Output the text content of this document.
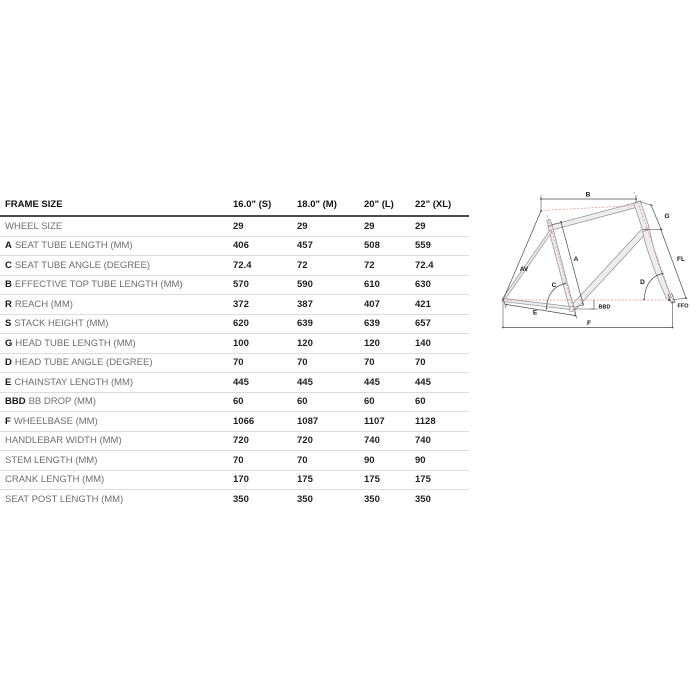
FRAME SIZE	16.0" (S)	18.0" (M)	20" (L)	22" (XL)
WHEEL SIZE	29	29	29	29
A SEAT TUBE LENGTH (MM)	406	457	508	559
C SEAT TUBE ANGLE (DEGREE)	72.4	72	72	72.4
B EFFECTIVE TOP TUBE LENGTH (MM)	570	590	610	630
R REACH (MM)	372	387	407	421
S STACK HEIGHT (MM)	620	639	639	657
G HEAD TUBE LENGTH (MM)	100	120	120	140
D HEAD TUBE ANGLE (DEGREE)	70	70	70	70
E CHAINSTAY LENGTH (MM)	445	445	445	445
BBD BB DROP (MM)	60	60	60	60
F WHEELBASE (MM)	1066	1087	1107	1128
HANDLEBAR WIDTH (MM)	720	720	740	740
STEM LENGTH (MM)	70	70	90	90
CRANK LENGTH (MM)	170	175	175	175
SEAT POST LENGTH (MM)	350	350	350	350
B
G
FL
D
FFO
F
E
AV
A
C
BBD
